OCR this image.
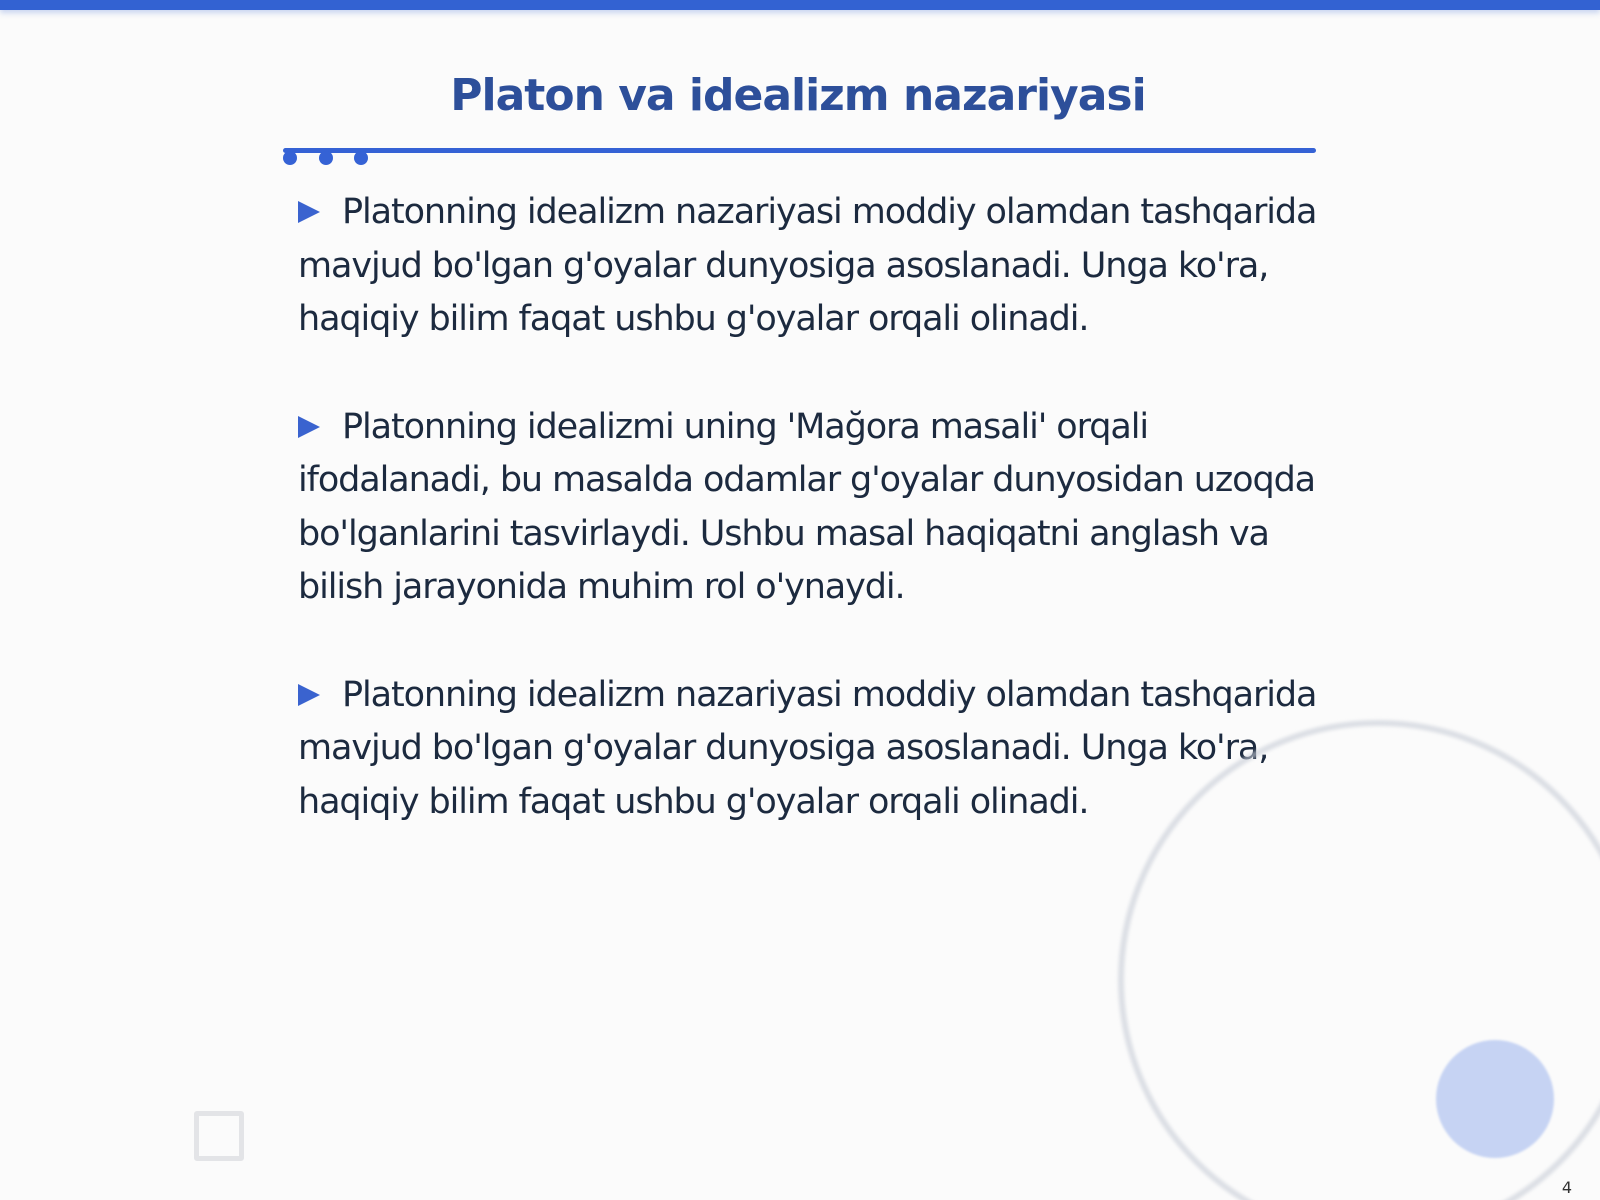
Platon va idealizm nazariyasi

Platonning idealizm nazariyasi moddiy olamdan tashqarida mavjud bo'lgan g'oyalar dunyosiga asoslanadi. Unga ko'ra, haqiqiy bilim faqat ushbu g'oyalar orqali olinadi.

Platonning idealizmi uning 'Mağora masali' orqali ifodalanadi, bu masalda odamlar g'oyalar dunyosidan uzoqda bo'lganlarini tasvirlaydi. Ushbu masal haqiqatni anglash va bilish jarayonida muhim rol o'ynaydi.

Platonning idealizm nazariyasi moddiy olamdan tashqarida mavjud bo'lgan g'oyalar dunyosiga asoslanadi. Unga ko'ra, haqiqiy bilim faqat ushbu g'oyalar orqali olinadi.

4
